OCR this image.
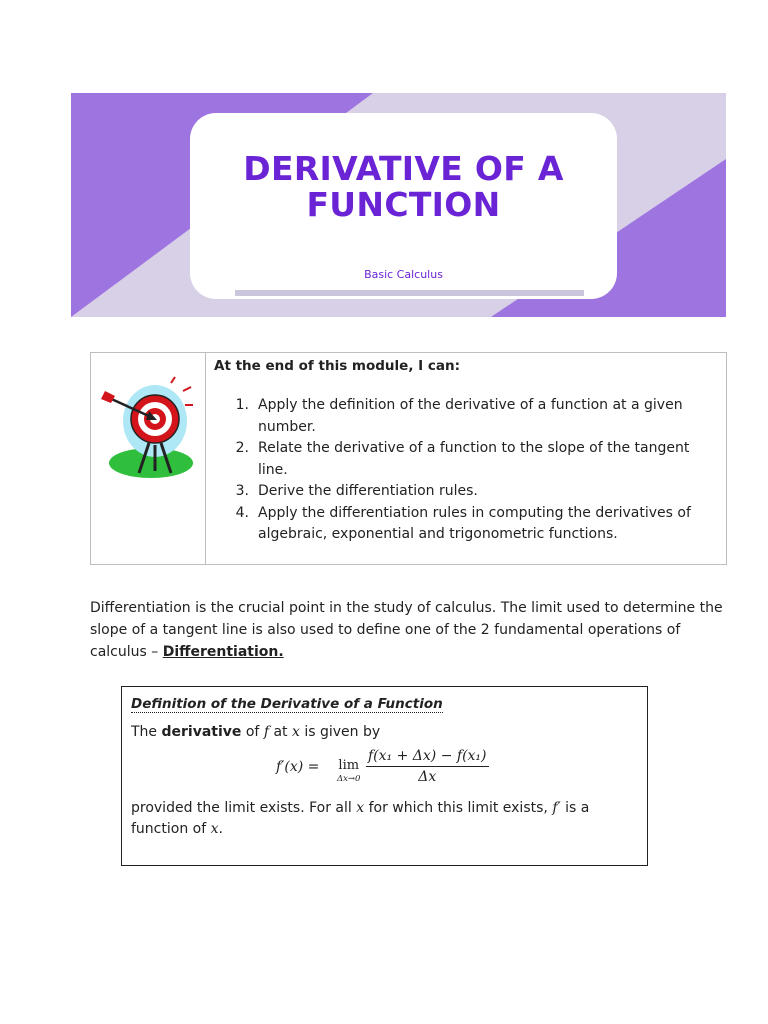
DERIVATIVE OF A
FUNCTION
Basic Calculus

At the end of this module, I can:

1. Apply the definition of the derivative of a function at a given number.
2. Relate the derivative of a function to the slope of the tangent line.
3. Derive the differentiation rules.
4. Apply the differentiation rules in computing the derivatives of algebraic, exponential and trigonometric functions.

Differentiation is the crucial point in the study of calculus. The limit used to determine the slope of a tangent line is also used to define one of the 2 fundamental operations of calculus – Differentiation.

Definition of the Derivative of a Function

The derivative of f at x is given by

f′(x) = lim
$\Delta x\to 0 \frac{\text{f(x₁ + Δx) − f(x₁)}}{\Delta x}$

provided the limit exists. For all x for which this limit exists, f′ is a function of x.
